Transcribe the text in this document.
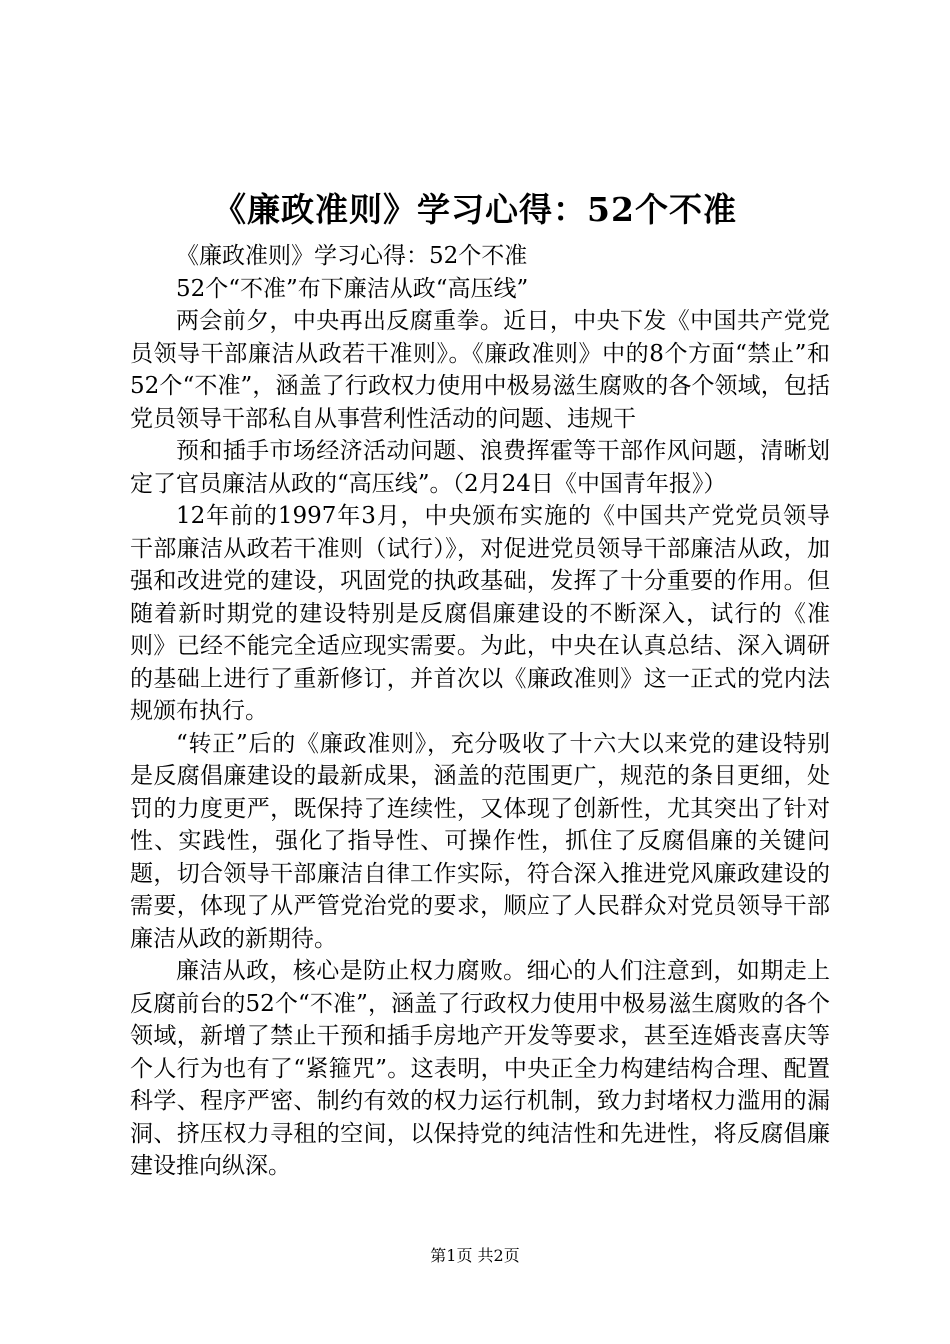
《廉政准则》学习心得：52个不准

《廉政准则》学习心得：52个不准

52个“不准”布下廉洁从政“高压线”

两会前夕，中央再出反腐重拳。近日，中央下发《中国共产党党员领导干部廉洁从政若干准则》。《廉政准则》中的8个方面“禁止”和52个“不准”，涵盖了行政权力使用中极易滋生腐败的各个领域，包括党员领导干部私自从事营利性活动的问题、违规干

预和插手市场经济活动问题、浪费挥霍等干部作风问题，清晰划定了官员廉洁从政的“高压线”。（2月24日《中国青年报》）

12年前的1997年3月，中央颁布实施的《中国共产党党员领导干部廉洁从政若干准则（试行）》，对促进党员领导干部廉洁从政，加强和改进党的建设，巩固党的执政基础，发挥了十分重要的作用。但随着新时期党的建设特别是反腐倡廉建设的不断深入，试行的《准则》已经不能完全适应现实需要。为此，中央在认真总结、深入调研的基础上进行了重新修订，并首次以《廉政准则》这一正式的党内法规颁布执行。

“转正”后的《廉政准则》，充分吸收了十六大以来党的建设特别是反腐倡廉建设的最新成果，涵盖的范围更广，规范的条目更细，处罚的力度更严，既保持了连续性，又体现了创新性，尤其突出了针对性、实践性，强化了指导性、可操作性，抓住了反腐倡廉的关键问题，切合领导干部廉洁自律工作实际，符合深入推进党风廉政建设的需要，体现了从严管党治党的要求，顺应了人民群众对党员领导干部廉洁从政的新期待。

廉洁从政，核心是防止权力腐败。细心的人们注意到，如期走上反腐前台的52个“不准”，涵盖了行政权力使用中极易滋生腐败的各个领域，新增了禁止干预和插手房地产开发等要求，甚至连婚丧喜庆等个人行为也有了“紧箍咒”。这表明，中央正全力构建结构合理、配置科学、程序严密、制约有效的权力运行机制，致力封堵权力滥用的漏洞、挤压权力寻租的空间，以保持党的纯洁性和先进性，将反腐倡廉建设推向纵深。

第1页 共2页
